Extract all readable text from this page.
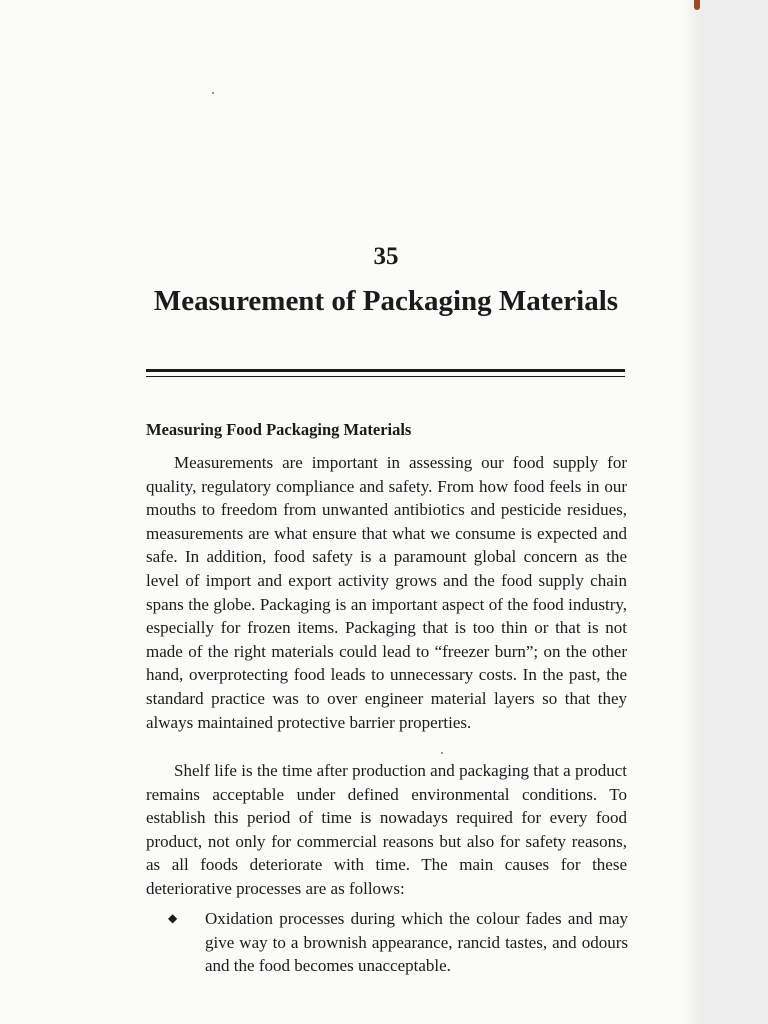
35
Measurement of Packaging Materials
Measuring Food Packaging Materials

Measurements are important in assessing our food supply for quality, regulatory compliance and safety. From how food feels in our mouths to freedom from unwanted antibiotics and pesticide residues, measurements are what ensure that what we consume is expected and safe. In addition, food safety is a paramount global concern as the level of import and export activity grows and the food supply chain spans the globe. Packaging is an important aspect of the food industry, especially for frozen items. Packaging that is too thin or that is not made of the right materials could lead to “freezer burn”; on the other hand, overprotecting food leads to unnecessary costs. In the past, the standard practice was to over engineer material layers so that they always maintained protective barrier properties.

Shelf life is the time after production and packaging that a product remains acceptable under defined environmental conditions. To establish this period of time is nowadays required for every food product, not only for commercial reasons but also for safety reasons, as all foods deteriorate with time. The main causes for these deteriorative processes are as follows:

◆ Oxidation processes during which the colour fades and may give way to a brownish appearance, rancid tastes, and odours and the food becomes unacceptable.
